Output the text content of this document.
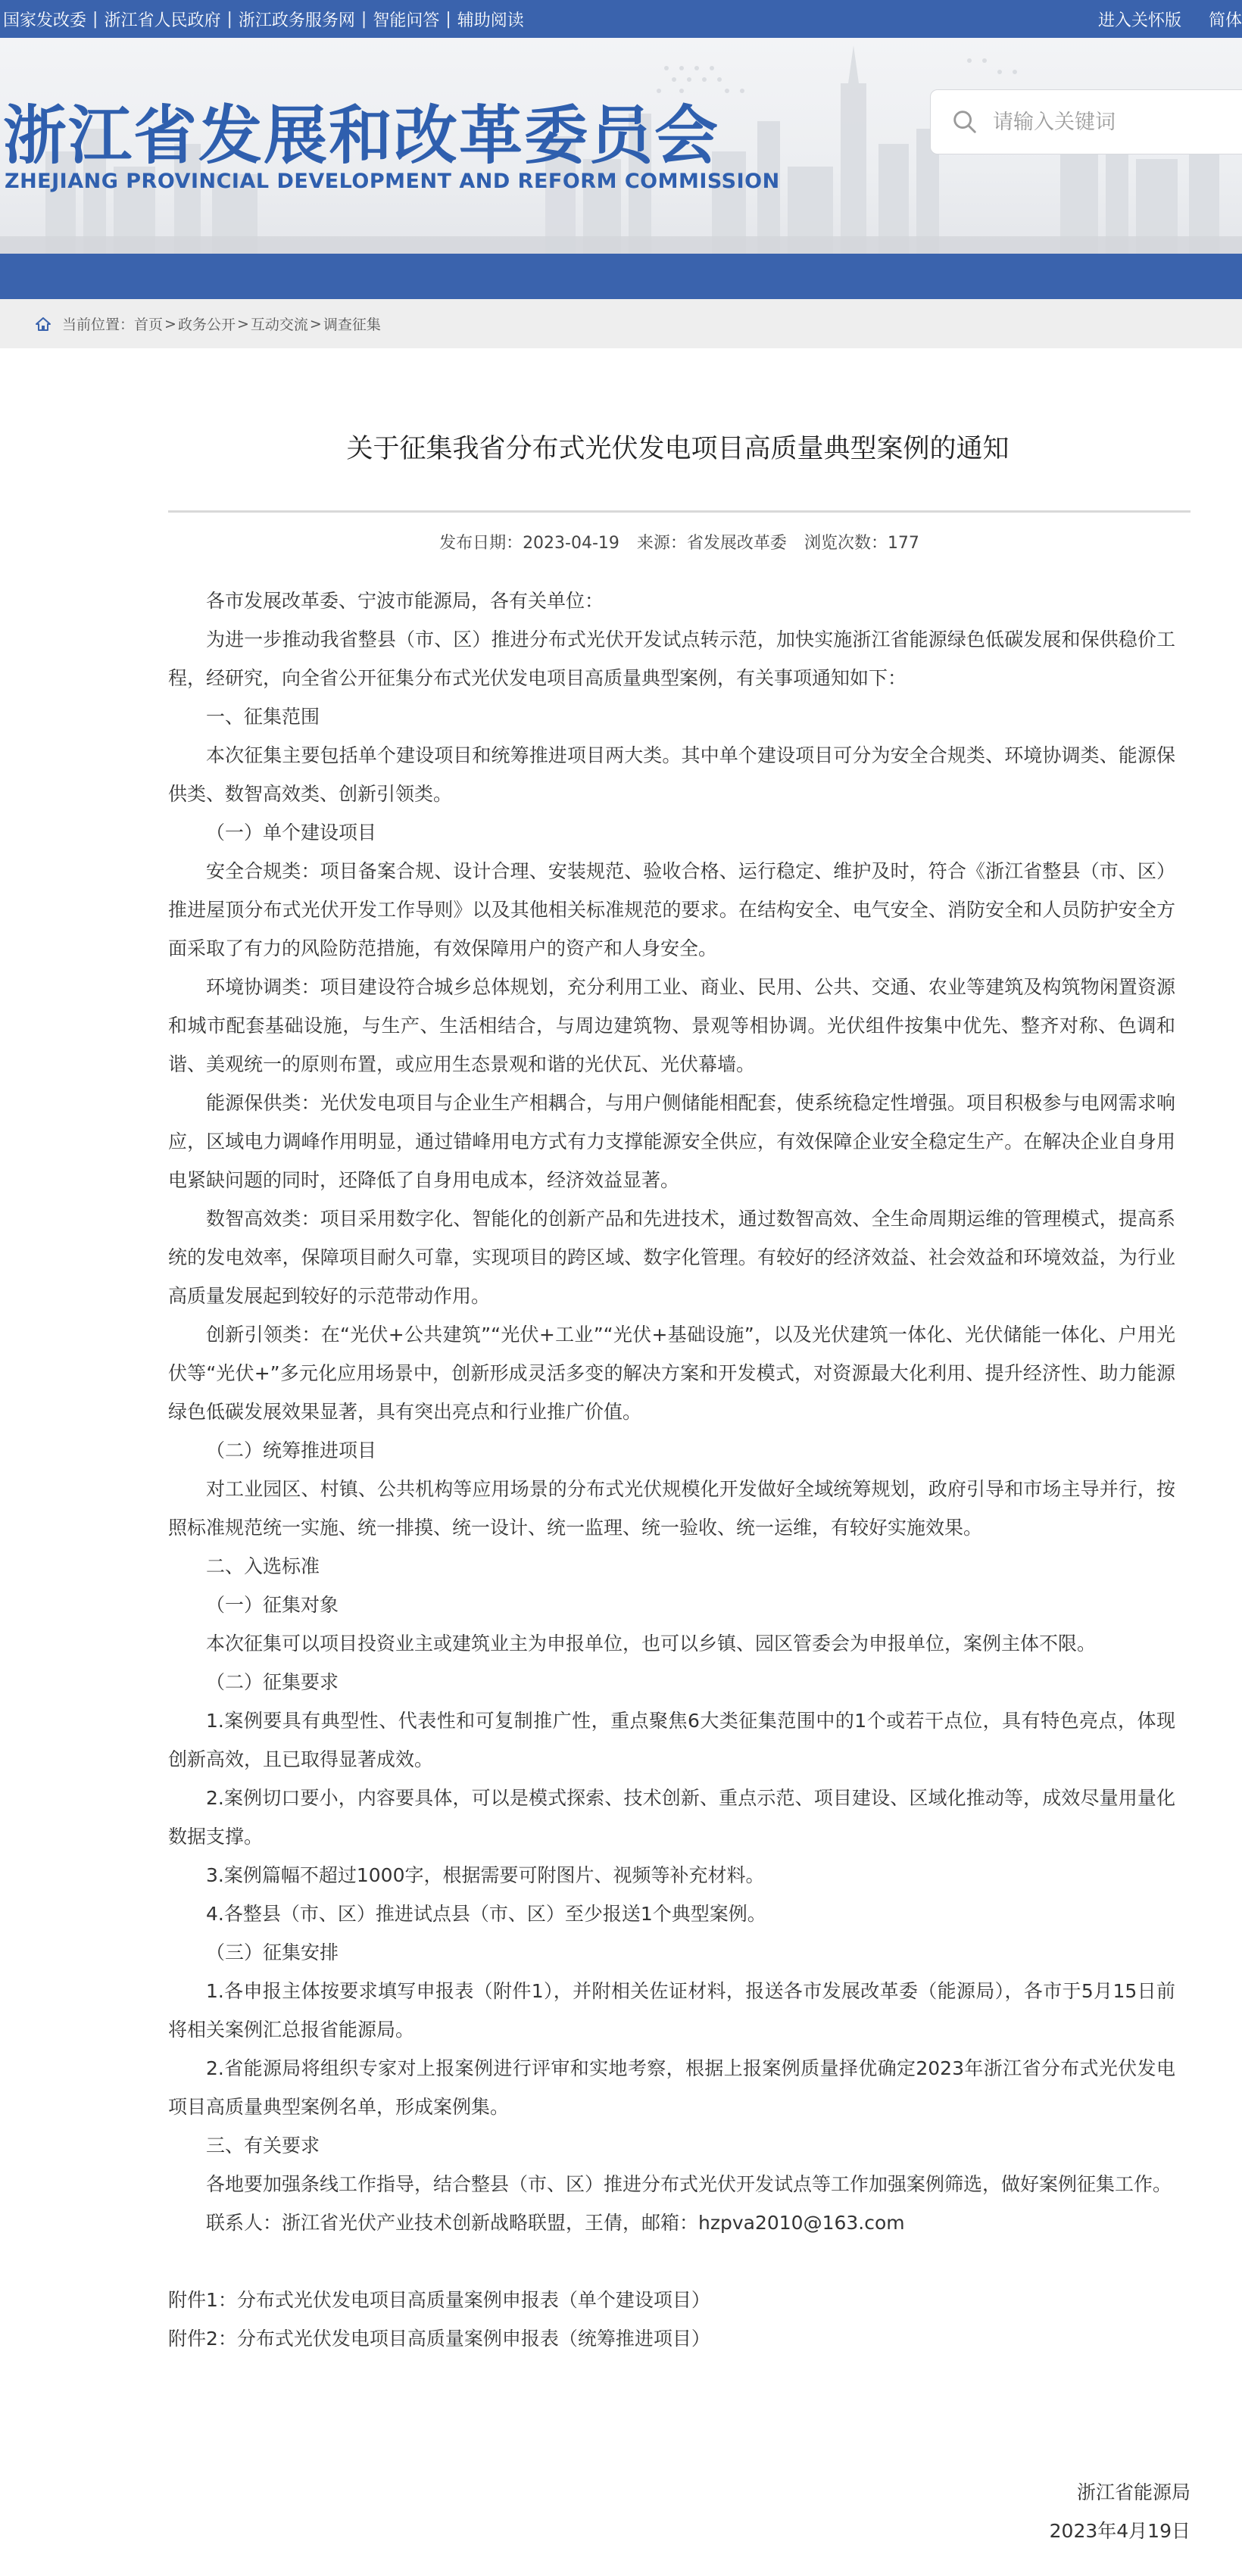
国家发改委 | 浙江省人民政府 | 浙江政务服务网 | 智能问答 | 辅助阅读	进入关怀版 简体
浙江省发展和改革委员会
ZHEJIANG PROVINCIAL DEVELOPMENT AND REFORM COMMISSION
请输入关键词
当前位置： 首页 > 政务公开 > 互动交流 > 调查征集
关于征集我省分布式光伏发电项目高质量典型案例的通知
发布日期：2023-04-19 来源：省发展改革委 浏览次数：177

各市发展改革委、宁波市能源局，各有关单位：

为进一步推动我省整县（市、区）推进分布式光伏开发试点转示范，加快实施浙江省能源绿色低碳发展和保供稳价工程，经研究，向全省公开征集分布式光伏发电项目高质量典型案例，有关事项通知如下：

一、征集范围

本次征集主要包括单个建设项目和统筹推进项目两大类。其中单个建设项目可分为安全合规类、环境协调类、能源保供类、数智高效类、创新引领类。

（一）单个建设项目

安全合规类：项目备案合规、设计合理、安装规范、验收合格、运行稳定、维护及时，符合《浙江省整县（市、区）推进屋顶分布式光伏开发工作导则》以及其他相关标准规范的要求。在结构安全、电气安全、消防安全和人员防护安全方面采取了有力的风险防范措施，有效保障用户的资产和人身安全。

环境协调类：项目建设符合城乡总体规划，充分利用工业、商业、民用、公共、交通、农业等建筑及构筑物闲置资源和城市配套基础设施，与生产、生活相结合，与周边建筑物、景观等相协调。光伏组件按集中优先、整齐对称、色调和谐、美观统一的原则布置，或应用生态景观和谐的光伏瓦、光伏幕墙。

能源保供类：光伏发电项目与企业生产相耦合，与用户侧储能相配套，使系统稳定性增强。项目积极参与电网需求响应，区域电力调峰作用明显，通过错峰用电方式有力支撑能源安全供应，有效保障企业安全稳定生产。在解决企业自身用电紧缺问题的同时，还降低了自身用电成本，经济效益显著。

数智高效类：项目采用数字化、智能化的创新产品和先进技术，通过数智高效、全生命周期运维的管理模式，提高系统的发电效率，保障项目耐久可靠，实现项目的跨区域、数字化管理。有较好的经济效益、社会效益和环境效益，为行业高质量发展起到较好的示范带动作用。

创新引领类：在“光伏+公共建筑”“光伏+工业”“光伏+基础设施”，以及光伏建筑一体化、光伏储能一体化、户用光伏等“光伏+”多元化应用场景中，创新形成灵活多变的解决方案和开发模式，对资源最大化利用、提升经济性、助力能源绿色低碳发展效果显著，具有突出亮点和行业推广价值。

（二）统筹推进项目

对工业园区、村镇、公共机构等应用场景的分布式光伏规模化开发做好全域统筹规划，政府引导和市场主导并行，按照标准规范统一实施、统一排摸、统一设计、统一监理、统一验收、统一运维，有较好实施效果。

二、入选标准

（一）征集对象

本次征集可以项目投资业主或建筑业主为申报单位，也可以乡镇、园区管委会为申报单位，案例主体不限。

（二）征集要求

1.案例要具有典型性、代表性和可复制推广性，重点聚焦6大类征集范围中的1个或若干点位，具有特色亮点，体现创新高效，且已取得显著成效。

2.案例切口要小，内容要具体，可以是模式探索、技术创新、重点示范、项目建设、区域化推动等，成效尽量用量化数据支撑。

3.案例篇幅不超过1000字，根据需要可附图片、视频等补充材料。

4.各整县（市、区）推进试点县（市、区）至少报送1个典型案例。

（三）征集安排

1.各申报主体按要求填写申报表（附件1），并附相关佐证材料，报送各市发展改革委（能源局），各市于5月15日前将相关案例汇总报省能源局。

2.省能源局将组织专家对上报案例进行评审和实地考察，根据上报案例质量择优确定2023年浙江省分布式光伏发电项目高质量典型案例名单，形成案例集。

三、有关要求

各地要加强条线工作指导，结合整县（市、区）推进分布式光伏开发试点等工作加强案例筛选，做好案例征集工作。

联系人：浙江省光伏产业技术创新战略联盟，王倩，邮箱：hzpva2010@163.com

附件1：分布式光伏发电项目高质量案例申报表（单个建设项目）

附件2：分布式光伏发电项目高质量案例申报表（统筹推进项目）

浙江省能源局
2023年4月19日
